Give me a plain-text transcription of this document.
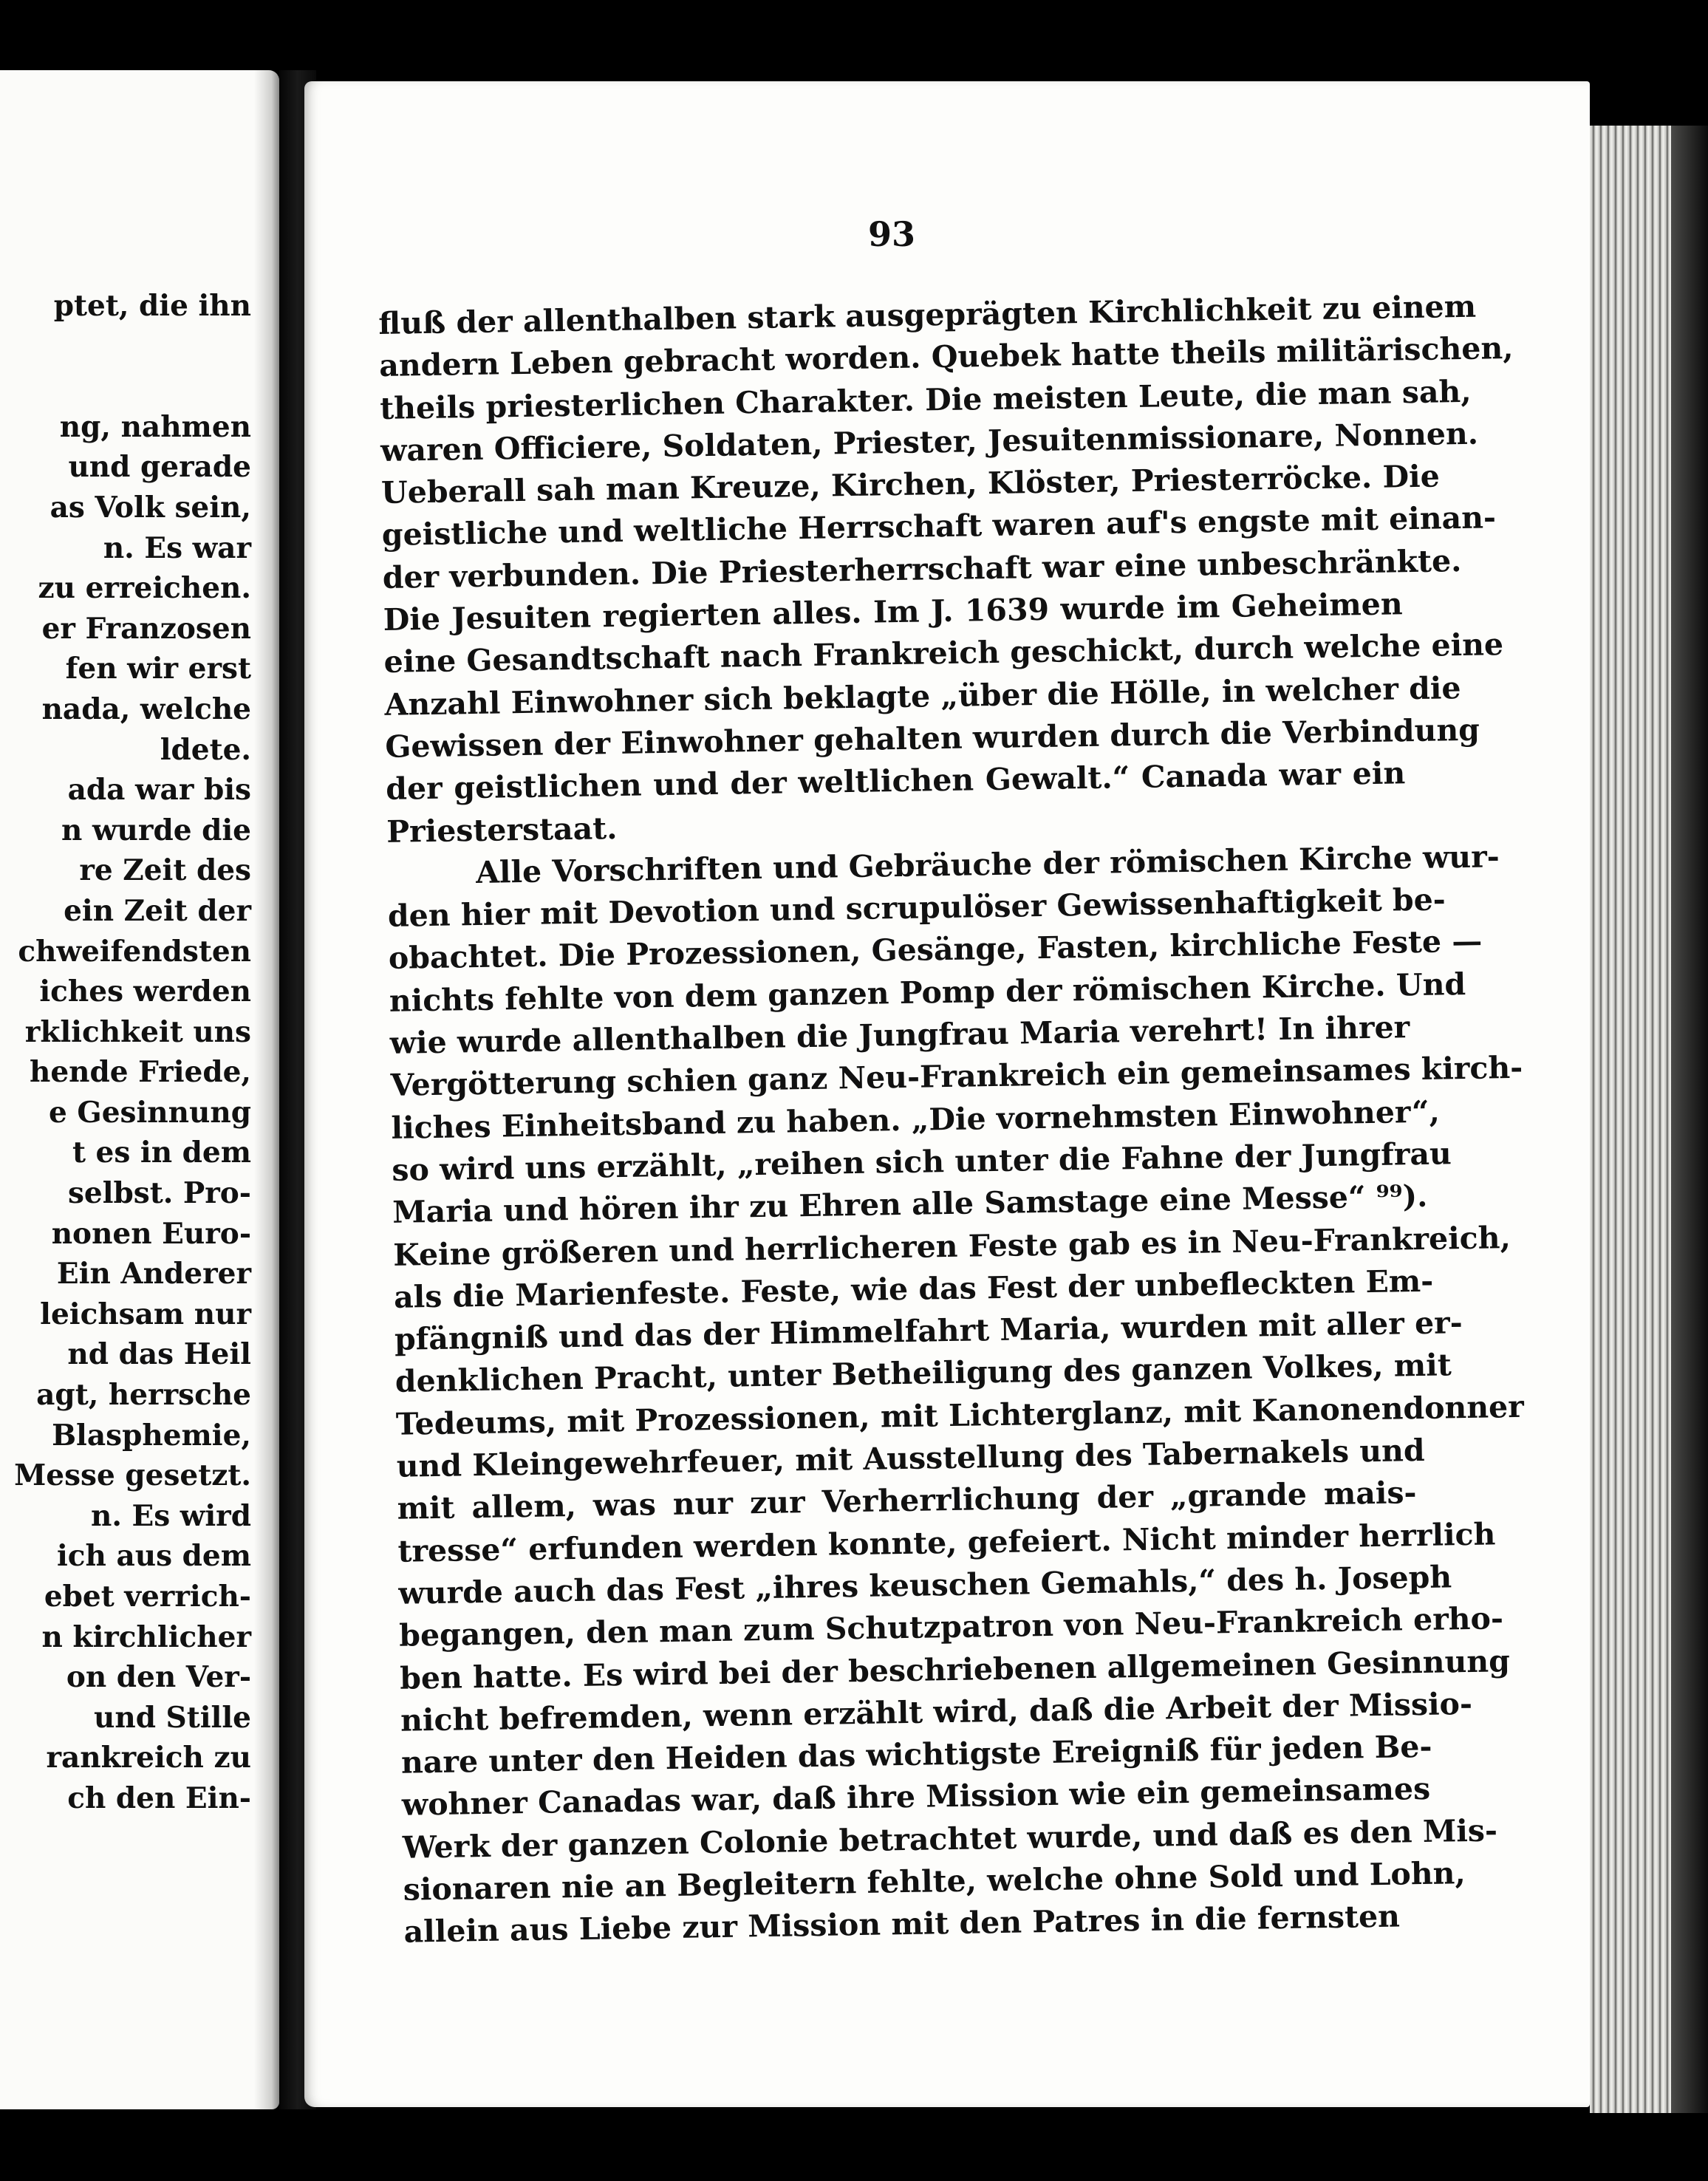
ptet, die ihn
ng, nahmen
und gerade
as Volk sein,
n. Es war
zu erreichen.
er Franzosen
fen wir erst
nada, welche
ldete.
ada war bis
n wurde die
re Zeit des
ein Zeit der
chweifendsten
iches werden
rklichkeit uns
hende Friede,
e Gesinnung
t es in dem
selbst. Pro-
nonen Euro-
Ein Anderer
leichsam nur
nd das Heil
agt, herrsche
Blasphemie,
Messe gesetzt.
n. Es wird
ich aus dem
ebet verrich-
n kirchlicher
on den Ver-
und Stille
rankreich zu
ch den Ein-
93
fluß der allenthalben stark ausgeprägten Kirchlichkeit zu einem
andern Leben gebracht worden. Quebek hatte theils militärischen,
theils priesterlichen Charakter. Die meisten Leute, die man sah,
waren Officiere, Soldaten, Priester, Jesuitenmissionare, Nonnen.
Ueberall sah man Kreuze, Kirchen, Klöster, Priesterröcke. Die
geistliche und weltliche Herrschaft waren auf's engste mit einan-
der verbunden. Die Priesterherrschaft war eine unbeschränkte.
Die Jesuiten regierten alles. Im J. 1639 wurde im Geheimen
eine Gesandtschaft nach Frankreich geschickt, durch welche eine
Anzahl Einwohner sich beklagte „über die Hölle, in welcher die
Gewissen der Einwohner gehalten wurden durch die Verbindung
der geistlichen und der weltlichen Gewalt.“ Canada war ein
Priesterstaat.
Alle Vorschriften und Gebräuche der römischen Kirche wur-
den hier mit Devotion und scrupulöser Gewissenhaftigkeit be-
obachtet. Die Prozessionen, Gesänge, Fasten, kirchliche Feste —
nichts fehlte von dem ganzen Pomp der römischen Kirche. Und
wie wurde allenthalben die Jungfrau Maria verehrt! In ihrer
Vergötterung schien ganz Neu-Frankreich ein gemeinsames kirch-
liches Einheitsband zu haben. „Die vornehmsten Einwohner“,
so wird uns erzählt, „reihen sich unter die Fahne der Jungfrau
Maria und hören ihr zu Ehren alle Samstage eine Messe“ ⁹⁹).
Keine größeren und herrlicheren Feste gab es in Neu-Frankreich,
als die Marienfeste. Feste, wie das Fest der unbefleckten Em-
pfängniß und das der Himmelfahrt Maria, wurden mit aller er-
denklichen Pracht, unter Betheiligung des ganzen Volkes, mit
Tedeums, mit Prozessionen, mit Lichterglanz, mit Kanonendonner
und Kleingewehrfeuer, mit Ausstellung des Tabernakels und
mit allem, was nur zur Verherrlichung der „grande mais-
tresse“ erfunden werden konnte, gefeiert. Nicht minder herrlich
wurde auch das Fest „ihres keuschen Gemahls,“ des h. Joseph
begangen, den man zum Schutzpatron von Neu-Frankreich erho-
ben hatte. Es wird bei der beschriebenen allgemeinen Gesinnung
nicht befremden, wenn erzählt wird, daß die Arbeit der Missio-
nare unter den Heiden das wichtigste Ereigniß für jeden Be-
wohner Canadas war, daß ihre Mission wie ein gemeinsames
Werk der ganzen Colonie betrachtet wurde, und daß es den Mis-
sionaren nie an Begleitern fehlte, welche ohne Sold und Lohn,
allein aus Liebe zur Mission mit den Patres in die fernsten
